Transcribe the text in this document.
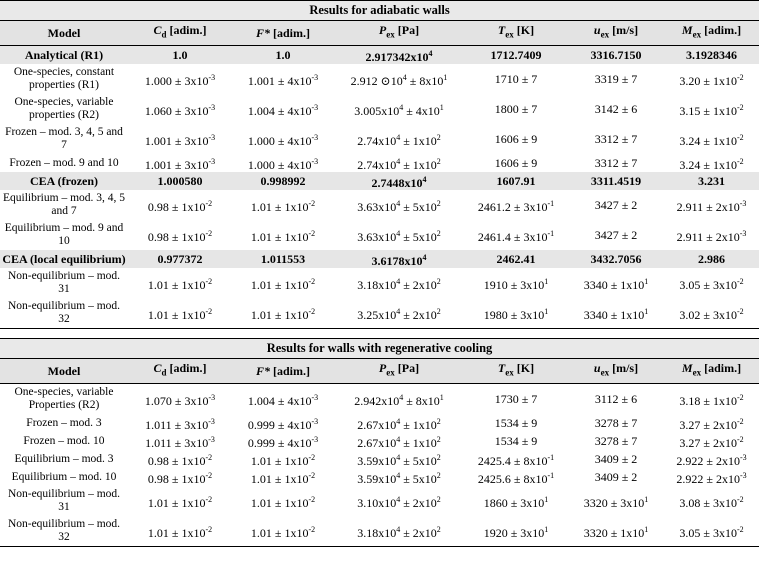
Results for adiabatic walls						
Model	$C_d$ [adim.]	F* [adim.]	$P_{ex}$ [Pa]	$T_{ex}$ [K]	$u_{ex}$ [m/s]	$M_{ex}$ [adim.]
Analytical (R1)	1.0	1.0	$2.917342x10^4$	1712.7409	3316.7150	3.1928346
One-species, constant properties (R1)	$1.000 \pm 3x10^{-3}$	$1.001 \pm 4x10^{-3}$	2.912 $⊙10^4 \pm 8x10^1$	1710 ± 7	3319 ± 7	$3.20 \pm 1x10^{-2}$
One-species, variable properties (R2)	$1.060 \pm 3x10^{-3}$	$1.004 \pm 4x10^{-3}$	$3.005x10^4 \pm 4x10^1$	1800 ± 7	3142 ± 6	$3.15 \pm 1x10^{-2}$
Frozen – mod. 3, 4, 5 and 7	$1.001 \pm 3x10^{-3}$	$1.000 \pm 4x10^{-3}$	$2.74x10^4 \pm 1x10^2$	1606 ± 9	3312 ± 7	$3.24 \pm 1x10^{-2}$
Frozen – mod. 9 and 10	$1.001 \pm 3x10^{-3}$	$1.000 \pm 4x10^{-3}$	$2.74x10^4 \pm 1x10^2$	1606 ± 9	3312 ± 7	$3.24 \pm 1x10^{-2}$
CEA (frozen)	1.000580	0.998992	$2.7448x10^4$	1607.91	3311.4519	3.231
Equilibrium – mod. 3, 4, 5 and 7	$0.98 \pm 1x10^{-2}$	$1.01 \pm 1x10^{-2}$	$3.63x10^4 \pm 5x10^2$	$2461.2 \pm 3x10^{-1}$	3427 ± 2	$2.911 \pm 2x10^{-3}$
Equilibrium – mod. 9 and 10	$0.98 \pm 1x10^{-2}$	$1.01 \pm 1x10^{-2}$	$3.63x10^4 \pm 5x10^2$	$2461.4 \pm 3x10^{-1}$	3427 ± 2	$2.911 \pm 2x10^{-3}$
CEA (local equilibrium)	0.977372	1.011553	$3.6178x10^4$	2462.41	3432.7056	2.986
Non-equilibrium – mod. 31	$1.01 \pm 1x10^{-2}$	$1.01 \pm 1x10^{-2}$	$3.18x10^4 \pm 2x10^2$	$1910 \pm 3x10^1$	$3340 \pm 1x10^1$	$3.05 \pm 3x10^{-2}$
Non-equilibrium – mod. 32	$1.01 \pm 1x10^{-2}$	$1.01 \pm 1x10^{-2}$	$3.25x10^4 \pm 2x10^2$	$1980 \pm 3x10^1$	$3340 \pm 1x10^1$	$3.02 \pm 3x10^{-2}$

Results for walls with regenerative cooling						
Model	$C_d$ [adim.]	F* [adim.]	$P_{ex}$ [Pa]	$T_{ex}$ [K]	$u_{ex}$ [m/s]	$M_{ex}$ [adim.]
One-species, variable Properties (R2)	$1.070 \pm 3x10^{-3}$	$1.004 \pm 4x10^{-3}$	$2.942x10^4 \pm 8x10^1$	1730 ± 7	3112 ± 6	$3.18 \pm 1x10^{-2}$
Frozen – mod. 3	$1.011 \pm 3x10^{-3}$	$0.999 \pm 4x10^{-3}$	$2.67x10^4 \pm 1x10^2$	1534 ± 9	3278 ± 7	$3.27 \pm 2x10^{-2}$
Frozen – mod. 10	$1.011 \pm 3x10^{-3}$	$0.999 \pm 4x10^{-3}$	$2.67x10^4 \pm 1x10^2$	1534 ± 9	3278 ± 7	$3.27 \pm 2x10^{-2}$
Equilibrium – mod. 3	$0.98 \pm 1x10^{-2}$	$1.01 \pm 1x10^{-2}$	$3.59x10^4 \pm 5x10^2$	$2425.4 \pm 8x10^{-1}$	3409 ± 2	$2.922 \pm 2x10^{-3}$
Equilibrium – mod. 10	$0.98 \pm 1x10^{-2}$	$1.01 \pm 1x10^{-2}$	$3.59x10^4 \pm 5x10^2$	$2425.6 \pm 8x10^{-1}$	3409 ± 2	$2.922 \pm 2x10^{-3}$
Non-equilibrium – mod. 31	$1.01 \pm 1x10^{-2}$	$1.01 \pm 1x10^{-2}$	$3.10x10^4 \pm 2x10^2$	$1860 \pm 3x10^1$	$3320 \pm 3x10^1$	$3.08 \pm 3x10^{-2}$
Non-equilibrium – mod. 32	$1.01 \pm 1x10^{-2}$	$1.01 \pm 1x10^{-2}$	$3.18x10^4 \pm 2x10^2$	$1920 \pm 3x10^1$	$3320 \pm 1x10^1$	$3.05 \pm 3x10^{-2}$
